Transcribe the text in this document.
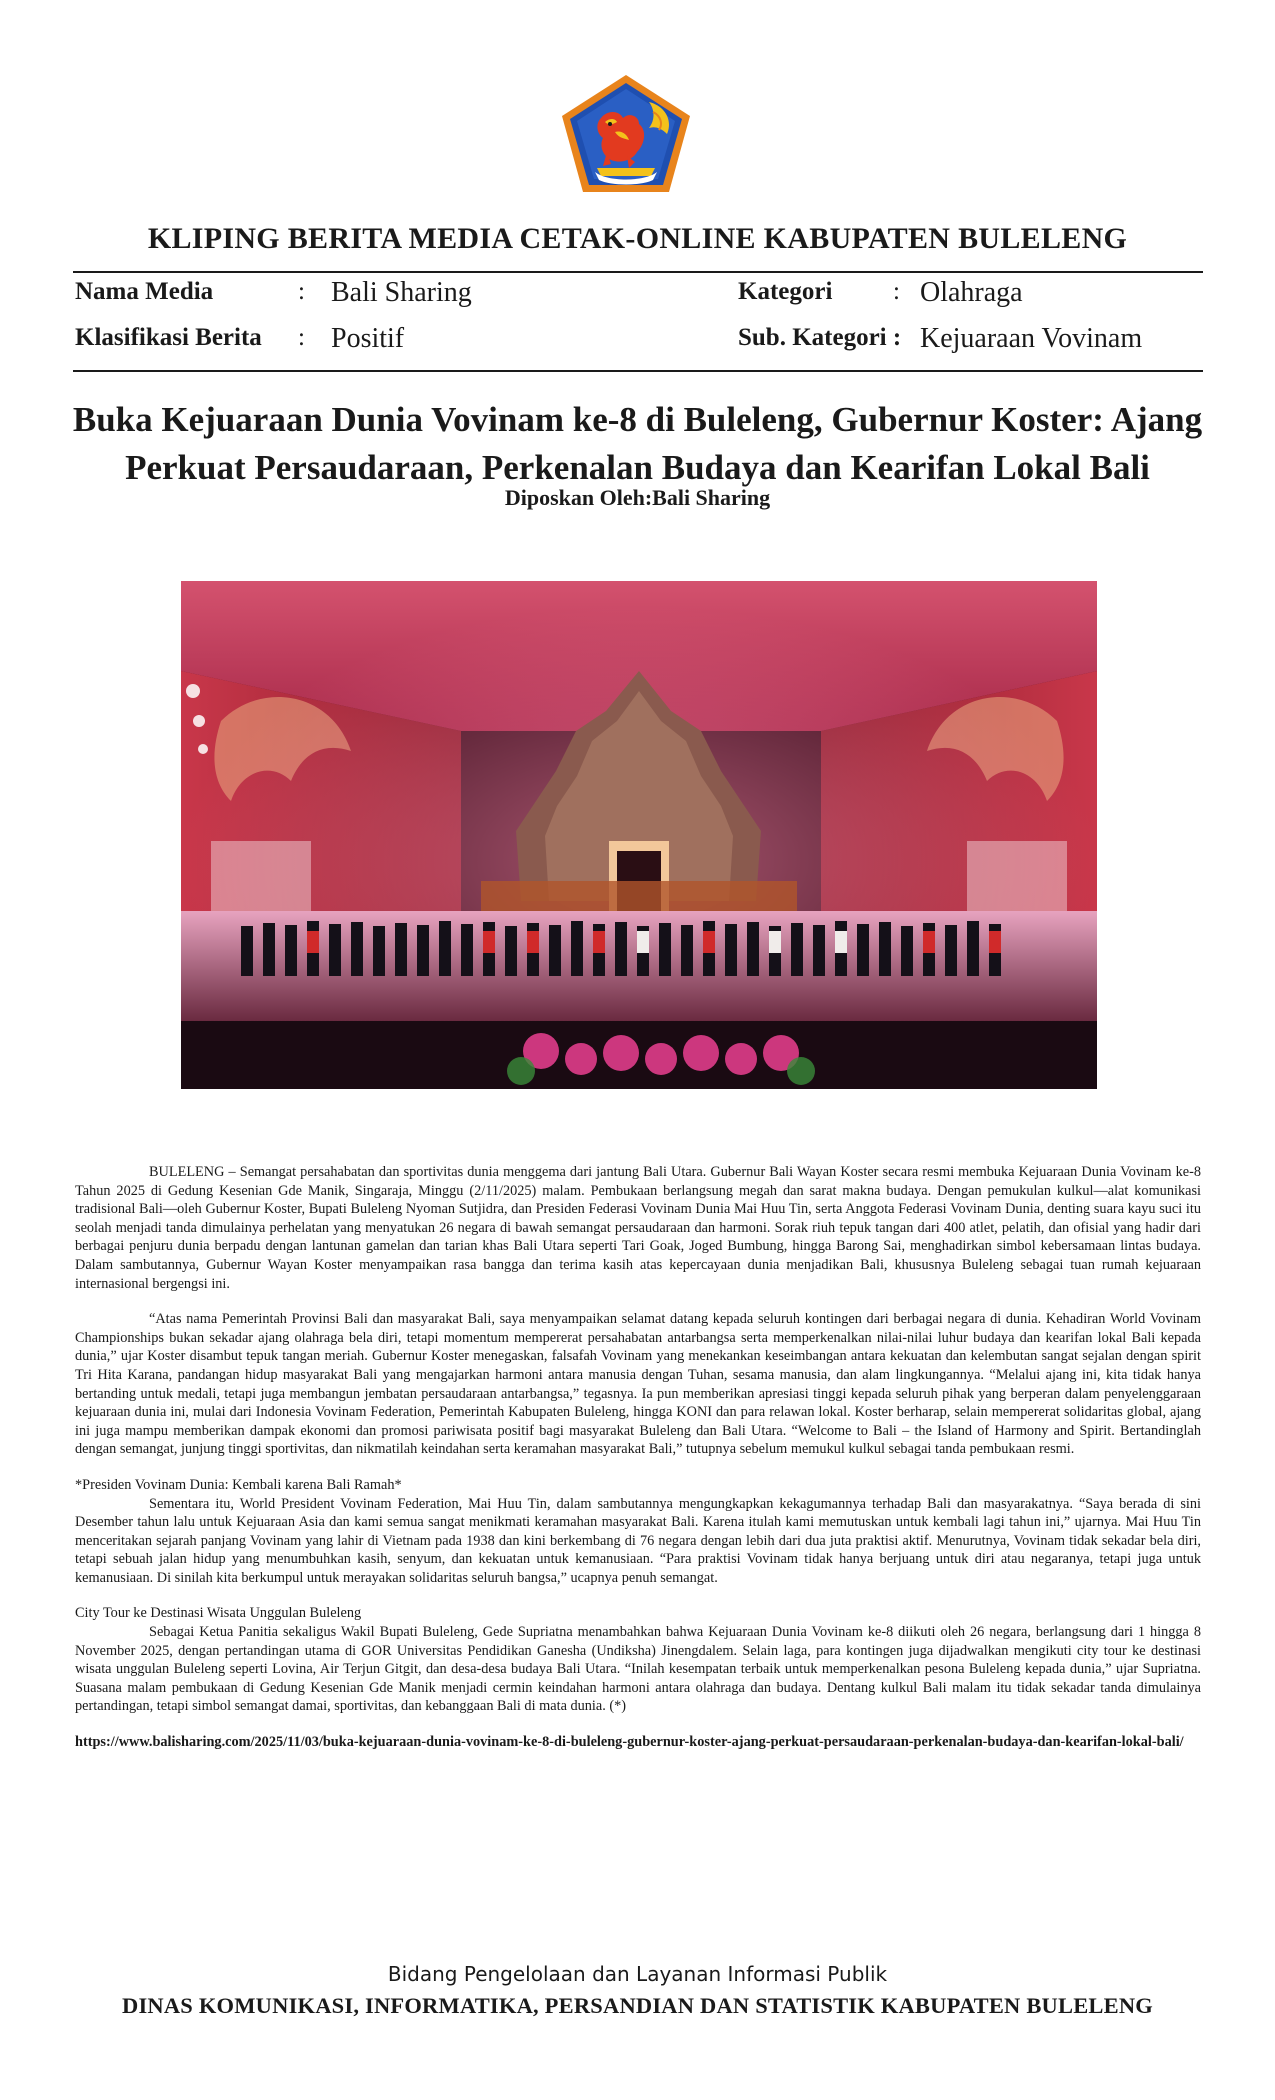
KLIPING BERITA MEDIA CETAK-ONLINE KABUPATEN BULELENG
Nama Media	: Bali Sharing	Kategori : Olahraga
Klasifikasi Berita : Positif	Sub. Kategori : Kejuaraan Vovinam
Buka Kejuaraan Dunia Vovinam ke-8 di Buleleng, Gubernur Koster: Ajang Perkuat Persaudaraan, Perkenalan Budaya dan Kearifan Lokal Bali
Diposkan Oleh:Bali Sharing

BULELENG – Semangat persahabatan dan sportivitas dunia menggema dari jantung Bali Utara. Gubernur Bali Wayan Koster secara resmi membuka Kejuaraan Dunia Vovinam ke-8 Tahun 2025 di Gedung Kesenian Gde Manik, Singaraja, Minggu (2/11/2025) malam. Pembukaan berlangsung megah dan sarat makna budaya. Dengan pemukulan kulkul—alat komunikasi tradisional Bali—oleh Gubernur Koster, Bupati Buleleng Nyoman Sutjidra, dan Presiden Federasi Vovinam Dunia Mai Huu Tin, serta Anggota Federasi Vovinam Dunia, denting suara kayu suci itu seolah menjadi tanda dimulainya perhelatan yang menyatukan 26 negara di bawah semangat persaudaraan dan harmoni. Sorak riuh tepuk tangan dari 400 atlet, pelatih, dan ofisial yang hadir dari berbagai penjuru dunia berpadu dengan lantunan gamelan dan tarian khas Bali Utara seperti Tari Goak, Joged Bumbung, hingga Barong Sai, menghadirkan simbol kebersamaan lintas budaya. Dalam sambutannya, Gubernur Wayan Koster menyampaikan rasa bangga dan terima kasih atas kepercayaan dunia menjadikan Bali, khususnya Buleleng sebagai tuan rumah kejuaraan internasional bergengsi ini.

“Atas nama Pemerintah Provinsi Bali dan masyarakat Bali, saya menyampaikan selamat datang kepada seluruh kontingen dari berbagai negara di dunia. Kehadiran World Vovinam Championships bukan sekadar ajang olahraga bela diri, tetapi momentum mempererat persahabatan antarbangsa serta memperkenalkan nilai-nilai luhur budaya dan kearifan lokal Bali kepada dunia,” ujar Koster disambut tepuk tangan meriah. Gubernur Koster menegaskan, falsafah Vovinam yang menekankan keseimbangan antara kekuatan dan kelembutan sangat sejalan dengan spirit Tri Hita Karana, pandangan hidup masyarakat Bali yang mengajarkan harmoni antara manusia dengan Tuhan, sesama manusia, dan alam lingkungannya. “Melalui ajang ini, kita tidak hanya bertanding untuk medali, tetapi juga membangun jembatan persaudaraan antarbangsa,” tegasnya. Ia pun memberikan apresiasi tinggi kepada seluruh pihak yang berperan dalam penyelenggaraan kejuaraan dunia ini, mulai dari Indonesia Vovinam Federation, Pemerintah Kabupaten Buleleng, hingga KONI dan para relawan lokal. Koster berharap, selain mempererat solidaritas global, ajang ini juga mampu memberikan dampak ekonomi dan promosi pariwisata positif bagi masyarakat Buleleng dan Bali Utara. “Welcome to Bali – the Island of Harmony and Spirit. Bertandinglah dengan semangat, junjung tinggi sportivitas, dan nikmatilah keindahan serta keramahan masyarakat Bali,” tutupnya sebelum memukul kulkul sebagai tanda pembukaan resmi.

*Presiden Vovinam Dunia: Kembali karena Bali Ramah*

Sementara itu, World President Vovinam Federation, Mai Huu Tin, dalam sambutannya mengungkapkan kekagumannya terhadap Bali dan masyarakatnya. “Saya berada di sini Desember tahun lalu untuk Kejuaraan Asia dan kami semua sangat menikmati keramahan masyarakat Bali. Karena itulah kami memutuskan untuk kembali lagi tahun ini,” ujarnya. Mai Huu Tin menceritakan sejarah panjang Vovinam yang lahir di Vietnam pada 1938 dan kini berkembang di 76 negara dengan lebih dari dua juta praktisi aktif. Menurutnya, Vovinam tidak sekadar bela diri, tetapi sebuah jalan hidup yang menumbuhkan kasih, senyum, dan kekuatan untuk kemanusiaan. “Para praktisi Vovinam tidak hanya berjuang untuk diri atau negaranya, tetapi juga untuk kemanusiaan. Di sinilah kita berkumpul untuk merayakan solidaritas seluruh bangsa,” ucapnya penuh semangat.

City Tour ke Destinasi Wisata Unggulan Buleleng

Sebagai Ketua Panitia sekaligus Wakil Bupati Buleleng, Gede Supriatna menambahkan bahwa Kejuaraan Dunia Vovinam ke-8 diikuti oleh 26 negara, berlangsung dari 1 hingga 8 November 2025, dengan pertandingan utama di GOR Universitas Pendidikan Ganesha (Undiksha) Jinengdalem. Selain laga, para kontingen juga dijadwalkan mengikuti city tour ke destinasi wisata unggulan Buleleng seperti Lovina, Air Terjun Gitgit, dan desa-desa budaya Bali Utara. “Inilah kesempatan terbaik untuk memperkenalkan pesona Buleleng kepada dunia,” ujar Supriatna. Suasana malam pembukaan di Gedung Kesenian Gde Manik menjadi cermin keindahan harmoni antara olahraga dan budaya. Dentang kulkul Bali malam itu tidak sekadar tanda dimulainya pertandingan, tetapi simbol semangat damai, sportivitas, dan kebanggaan Bali di mata dunia. (*)

https://www.balisharing.com/2025/11/03/buka-kejuaraan-dunia-vovinam-ke-8-di-buleleng-gubernur-koster-ajang-perkuat-persaudaraan-perkenalan-budaya-dan-kearifan-lokal-bali/

Bidang Pengelolaan dan Layanan Informasi Publik
DINAS KOMUNIKASI, INFORMATIKA, PERSANDIAN DAN STATISTIK KABUPATEN BULELENG
